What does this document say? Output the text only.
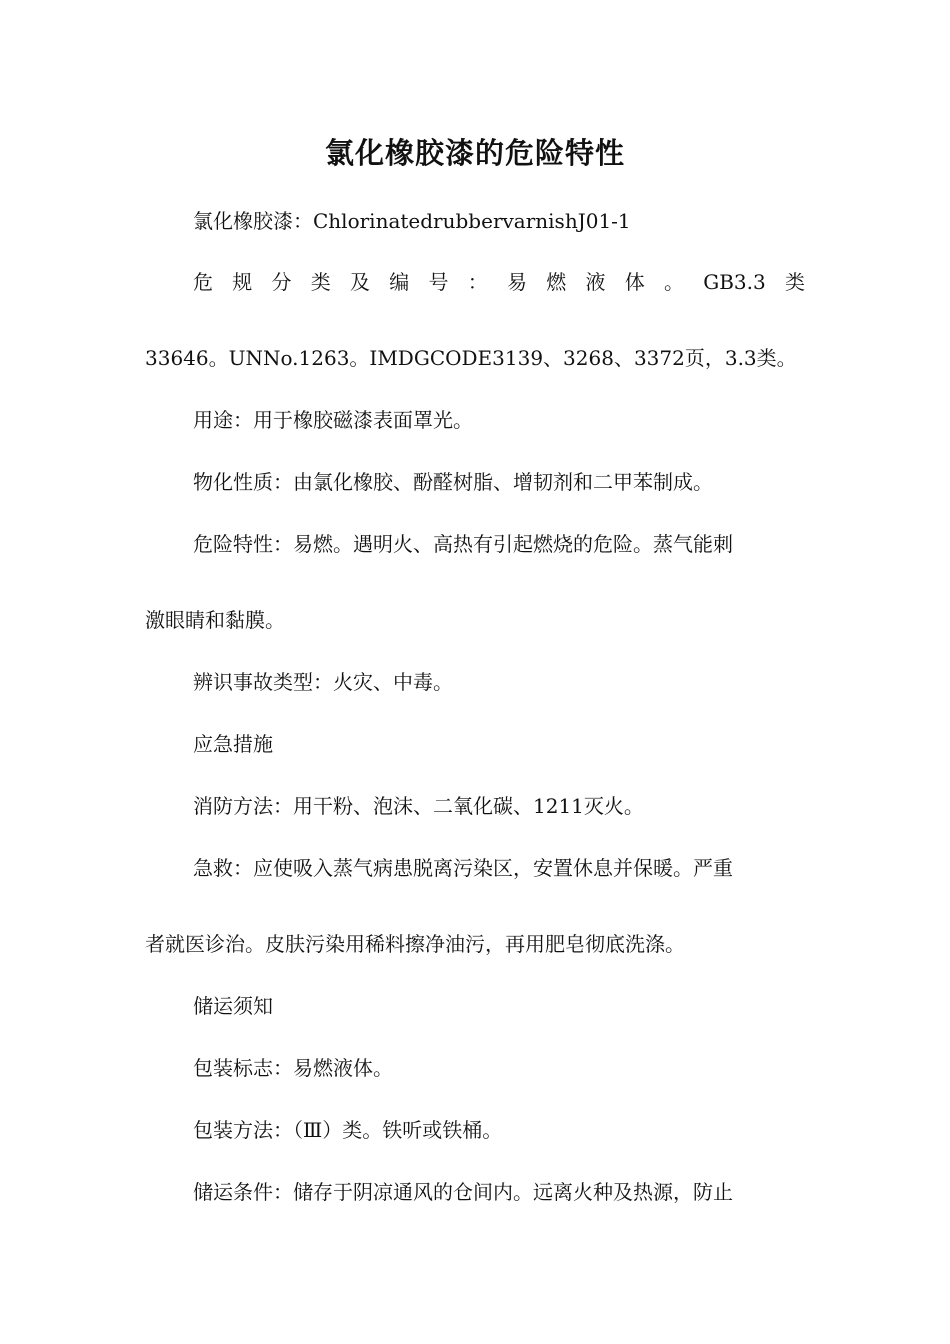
氯化橡胶漆的危险特性
氯化橡胶漆：ChlorinatedrubbervarnishJ01-1
危 规 分 类 及 编 号 ： 易 燃 液 体 。 GB3.3 类
33646。UNNo.1263。IMDGCODE3139、3268、3372页，3.3类。
用途：用于橡胶磁漆表面罩光。
物化性质：由氯化橡胶、酚醛树脂、增韧剂和二甲苯制成。
危险特性：易燃。遇明火、高热有引起燃烧的危险。蒸气能刺
激眼睛和黏膜。
辨识事故类型：火灾、中毒。
应急措施
消防方法：用干粉、泡沫、二氧化碳、1211灭火。
急救：应使吸入蒸气病患脱离污染区，安置休息并保暖。严重
者就医诊治。皮肤污染用稀料擦净油污，再用肥皂彻底洗涤。
储运须知
包装标志：易燃液体。
包装方法：（Ⅲ）类。铁听或铁桶。
储运条件：储存于阴凉通风的仓间内。远离火种及热源，防止
